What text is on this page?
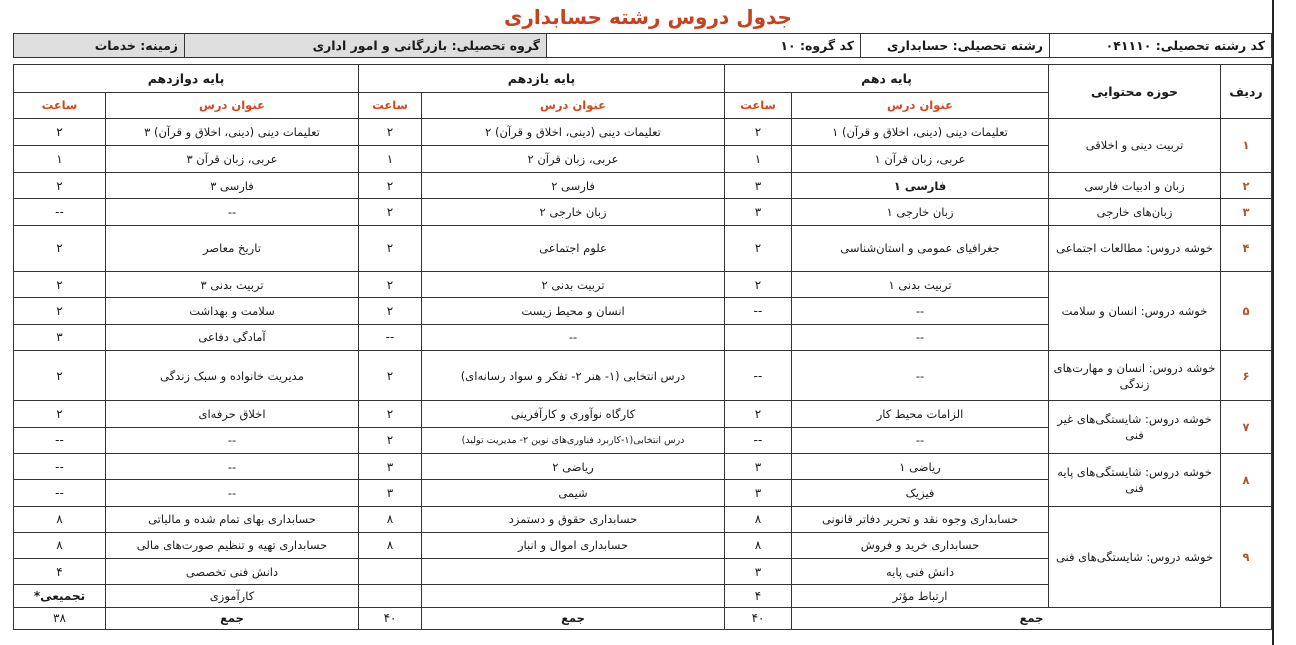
جدول دروس رشته حسابداری
کد رشته تحصیلی: ۰۴۱۱۱۰	رشته تحصیلی: حسابداری	کد گروه: ۱۰	گروه تحصیلی: بازرگانی و امور اداری	زمینه: خدمات
ردیف	حوزه محتوایی	پایه دهم		پایه یازدهم		پایه دوازدهم	
		عنوان درس	ساعت	عنوان درس	ساعت	عنوان درس	ساعت
۱	تربیت دینی و اخلاقی	تعلیمات دینی (دینی، اخلاق و قرآن) ۱	۲	تعلیمات دینی (دینی، اخلاق و قرآن) ۲	۲	تعلیمات دینی (دینی، اخلاق و قرآن) ۳	۲
		عربی، زبان قرآن ۱	۱	عربی، زبان قرآن ۲	۱	عربی، زبان قرآن ۳	۱
۲	زبان و ادبیات فارسی	فارسی ۱	۳	فارسی ۲	۲	فارسی ۳	۲
۳	زبان‌های خارجی	زبان خارجی ۱	۳	زبان خارجی ۲	۲	--	--
۴	خوشه دروس: مطالعات اجتماعی	جغرافیای عمومی و استان‌شناسی	۲	علوم اجتماعی	۲	تاریخ معاصر	۲
۵	خوشه دروس: انسان و سلامت	تربیت بدنی ۱	۲	تربیت بدنی ۲	۲	تربیت بدنی ۳	۲
		--	--	انسان و محیط زیست	۲	سلامت و بهداشت	۲
		--		--	--	آمادگی دفاعی	۳
۶	خوشه دروس: انسان و مهارت‌های زندگی	--	--	درس انتخابی (۱- هنر ۲- تفکر و سواد رسانه‌ای)	۲	مدیریت خانواده و سبک زندگی	۲
۷	خوشه دروس: شایستگی‌های غیر فنی	الزامات محیط کار	۲	کارگاه نوآوری و کارآفرینی	۲	اخلاق حرفه‌ای	۲
		--	--	درس انتخابی(۱-کاربرد فناوری‌های نوین ۲- مدیریت تولید)	۲	--	--
۸	خوشه دروس: شایستگی‌های پایه فنی	ریاضی ۱	۳	ریاضی ۲	۳	--	--
		فیزیک	۳	شیمی	۳	--	--
۹	خوشه دروس: شایستگی‌های فنی	حسابداری وجوه نقد و تحریر دفاتر قانونی	۸	حسابداری حقوق و دستمزد	۸	حسابداری بهای تمام شده و مالیاتی	۸
		حسابداری خرید و فروش	۸	حسابداری اموال و انبار	۸	حسابداری تهیه و تنظیم صورت‌های مالی	۸
		دانش فنی پایه	۳			دانش فنی تخصصی	۴
		ارتباط مؤثر	۴			کارآموزی	تجمیعی*
جمع			۴۰	جمع	۴۰	جمع	۳۸
